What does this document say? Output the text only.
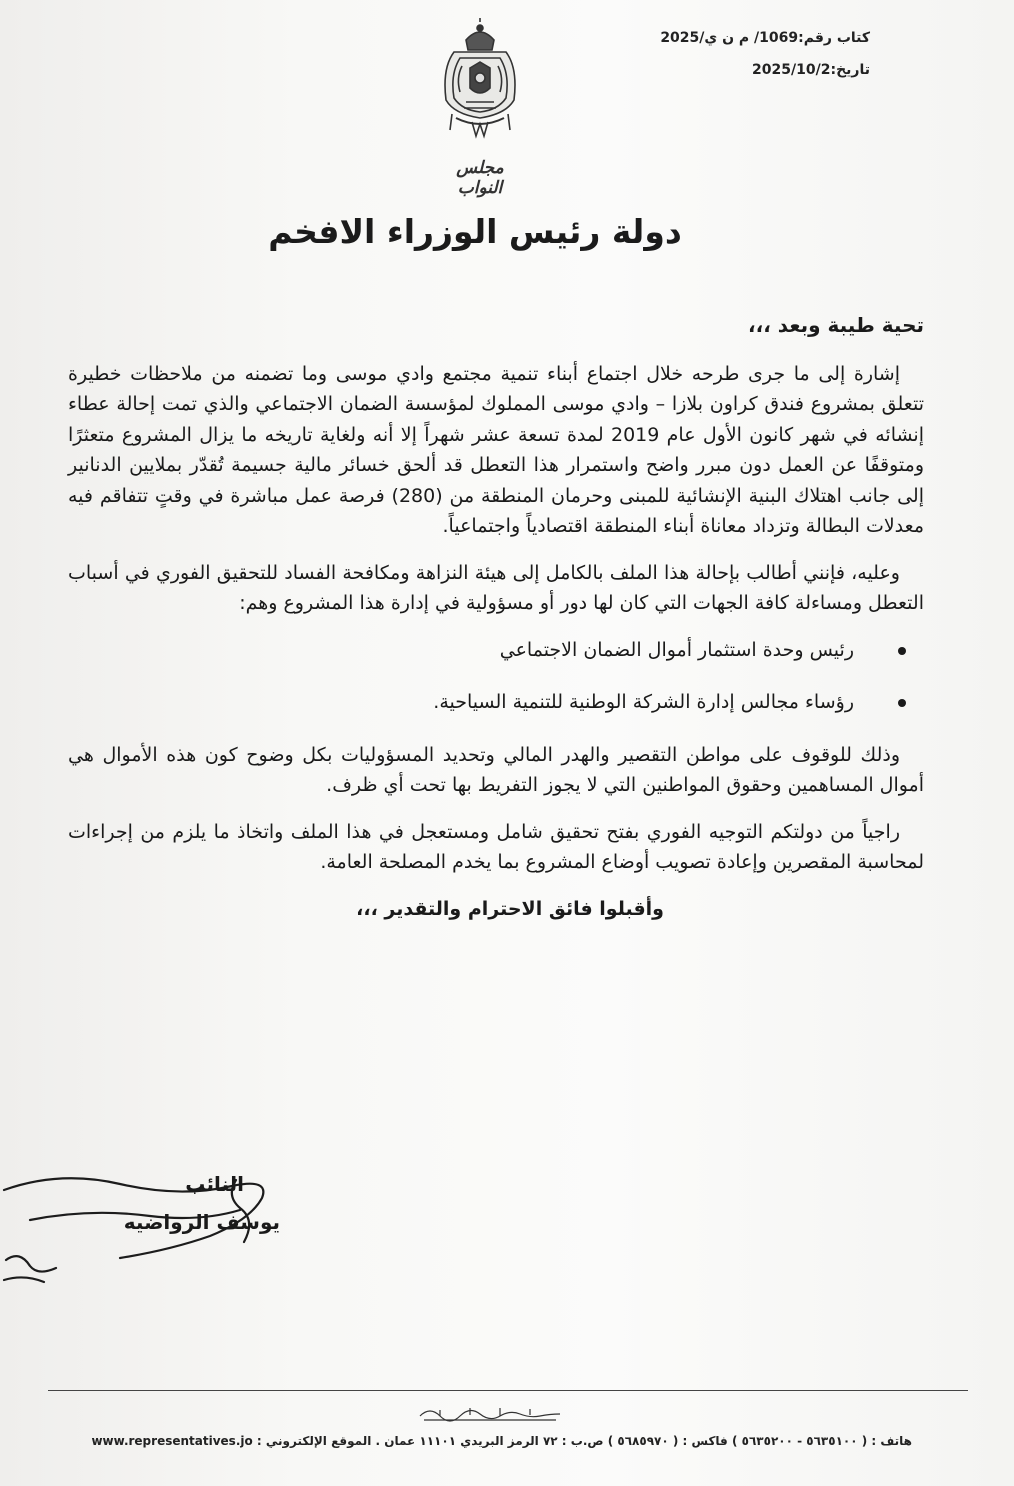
كتاب رقم:1069/ م ن ي/2025
تاريخ:2025/10/2
مجلس النواب
دولة رئيس الوزراء الافخم

تحية طيبة وبعد ،،،

إشارة إلى ما جرى طرحه خلال اجتماع أبناء تنمية مجتمع وادي موسى وما تضمنه من ملاحظات خطيرة تتعلق بمشروع فندق كراون بلازا – وادي موسى المملوك لمؤسسة الضمان الاجتماعي والذي تمت إحالة عطاء إنشائه في شهر كانون الأول عام 2019 لمدة تسعة عشر شهراً إلا أنه ولغاية تاريخه ما يزال المشروع متعثرًا ومتوقفًا عن العمل دون مبرر واضح واستمرار هذا التعطل قد ألحق خسائر مالية جسيمة تُقدّر بملايين الدنانير إلى جانب اهتلاك البنية الإنشائية للمبنى وحرمان المنطقة من (280) فرصة عمل مباشرة في وقتٍ تتفاقم فيه معدلات البطالة وتزداد معاناة أبناء المنطقة اقتصادياً واجتماعياً.

وعليه، فإنني أطالب بإحالة هذا الملف بالكامل إلى هيئة النزاهة ومكافحة الفساد للتحقيق الفوري في أسباب التعطل ومساءلة كافة الجهات التي كان لها دور أو مسؤولية في إدارة هذا المشروع وهم:

رئيس وحدة استثمار أموال الضمان الاجتماعي
رؤساء مجالس إدارة الشركة الوطنية للتنمية السياحية.

وذلك للوقوف على مواطن التقصير والهدر المالي وتحديد المسؤوليات بكل وضوح كون هذه الأموال هي أموال المساهمين وحقوق المواطنين التي لا يجوز التفريط بها تحت أي ظرف.

راجياً من دولتكم التوجيه الفوري بفتح تحقيق شامل ومستعجل في هذا الملف واتخاذ ما يلزم من إجراءات لمحاسبة المقصرين وإعادة تصويب أوضاع المشروع بما يخدم المصلحة العامة.

وأقبلوا فائق الاحترام والتقدير ،،،

النائب
يوسف الرواضيه
هاتف : ( ٥٦٣٥١٠٠ - ٥٦٣٥٢٠٠ ) فاكس : ( ٥٦٨٥٩٧٠ ) ص.ب : ٧٢ الرمز البريدي ١١١٠١ عمان . الموقع الإلكتروني : www.representatives.jo
